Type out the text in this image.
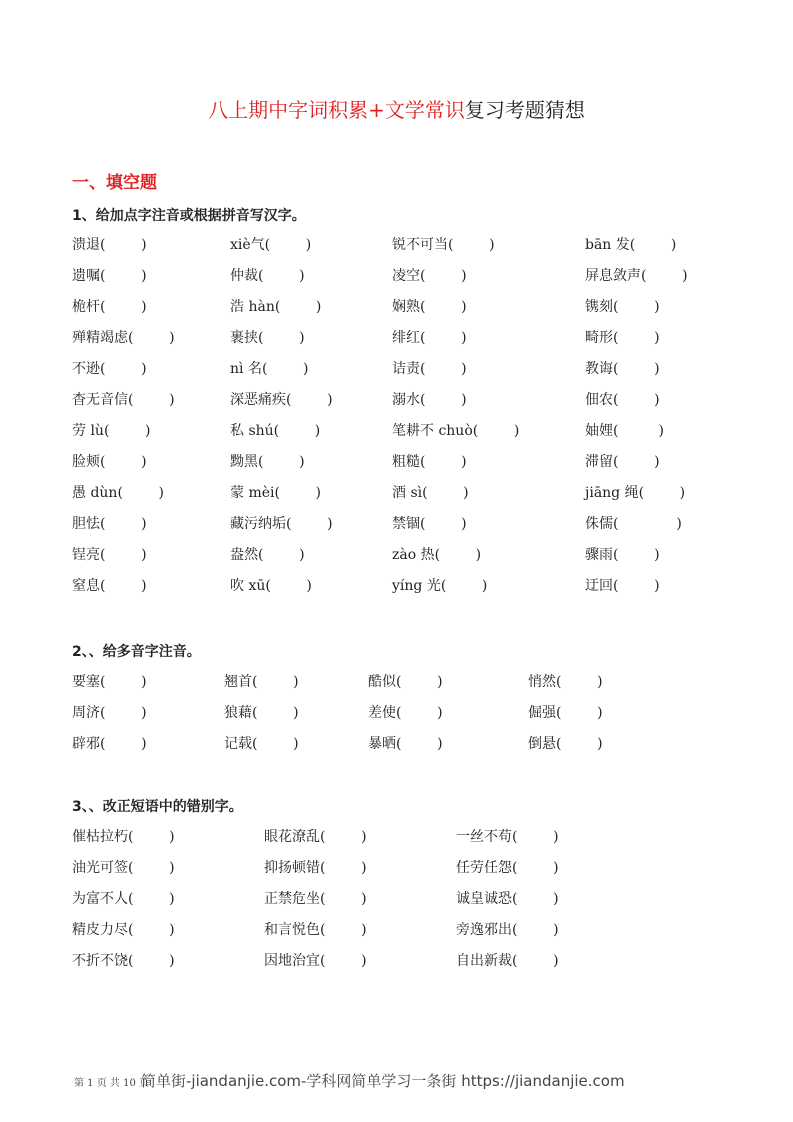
八上期中字词积累+文学常识复习考题猜想
一、填空题
1、给加点字注音或根据拼音写汉字。
溃退(        )	xiè气(        )	锐不可当(        )	bān 发(        )
遗嘱(        )	仲裁(        )	凌空(        )	屏息敛声(        )
桅杆(        )	浩 hàn(        )	娴熟(        )	镌刻(        )
殚精竭虑(        )	裹挟(        )	绯红(        )	畸形(        )
不逊(        )	nì 名(        )	诘责(        )	教诲(        )
杳无音信(        )	深恶痛疾(        )	溺水(        )	佃农(        )
劳 lù(        )	私 shú(        )	笔耕不 chuò(        )	妯娌(         )
脸颊(        )	黝黑(        )	粗糙(        )	滞留(        )
愚 dùn(        )	蒙 mèi(        )	酒 sì(        )	jiāng 绳(        )
胆怯(        )	藏污纳垢(        )	禁锢(        )	侏儒(             )
锃亮(        )	盎然(        )	zào 热(        )	骤雨(        )
窒息(        )	吹 xū(        )	yíng 光(        )	迂回(        )
2、、给多音字注音。
要塞(        )	翘首(        )	酷似(        )	悄然(        )
周济(        )	狼藉(        )	差使(        )	倔强(        )
辟邪(        )	记载(        )	暴晒(        )	倒悬(        )
3、、改正短语中的错别字。
催枯拉朽(        )	眼花潦乱(        )	一丝不苟(        )
油光可签(        )	抑扬顿错(        )	任劳任怨(        )
为富不人(        )	正禁危坐(        )	诚皇诚恐(        )
精皮力尽(        )	和言悦色(        )	旁逸邪出(        )
不折不饶(        )	因地治宜(        )	自出新裁(        )
第 1 页 共 10 页简单街-jiandanjie.com-学科网简单学习一条街 https://jiandanjie.com
